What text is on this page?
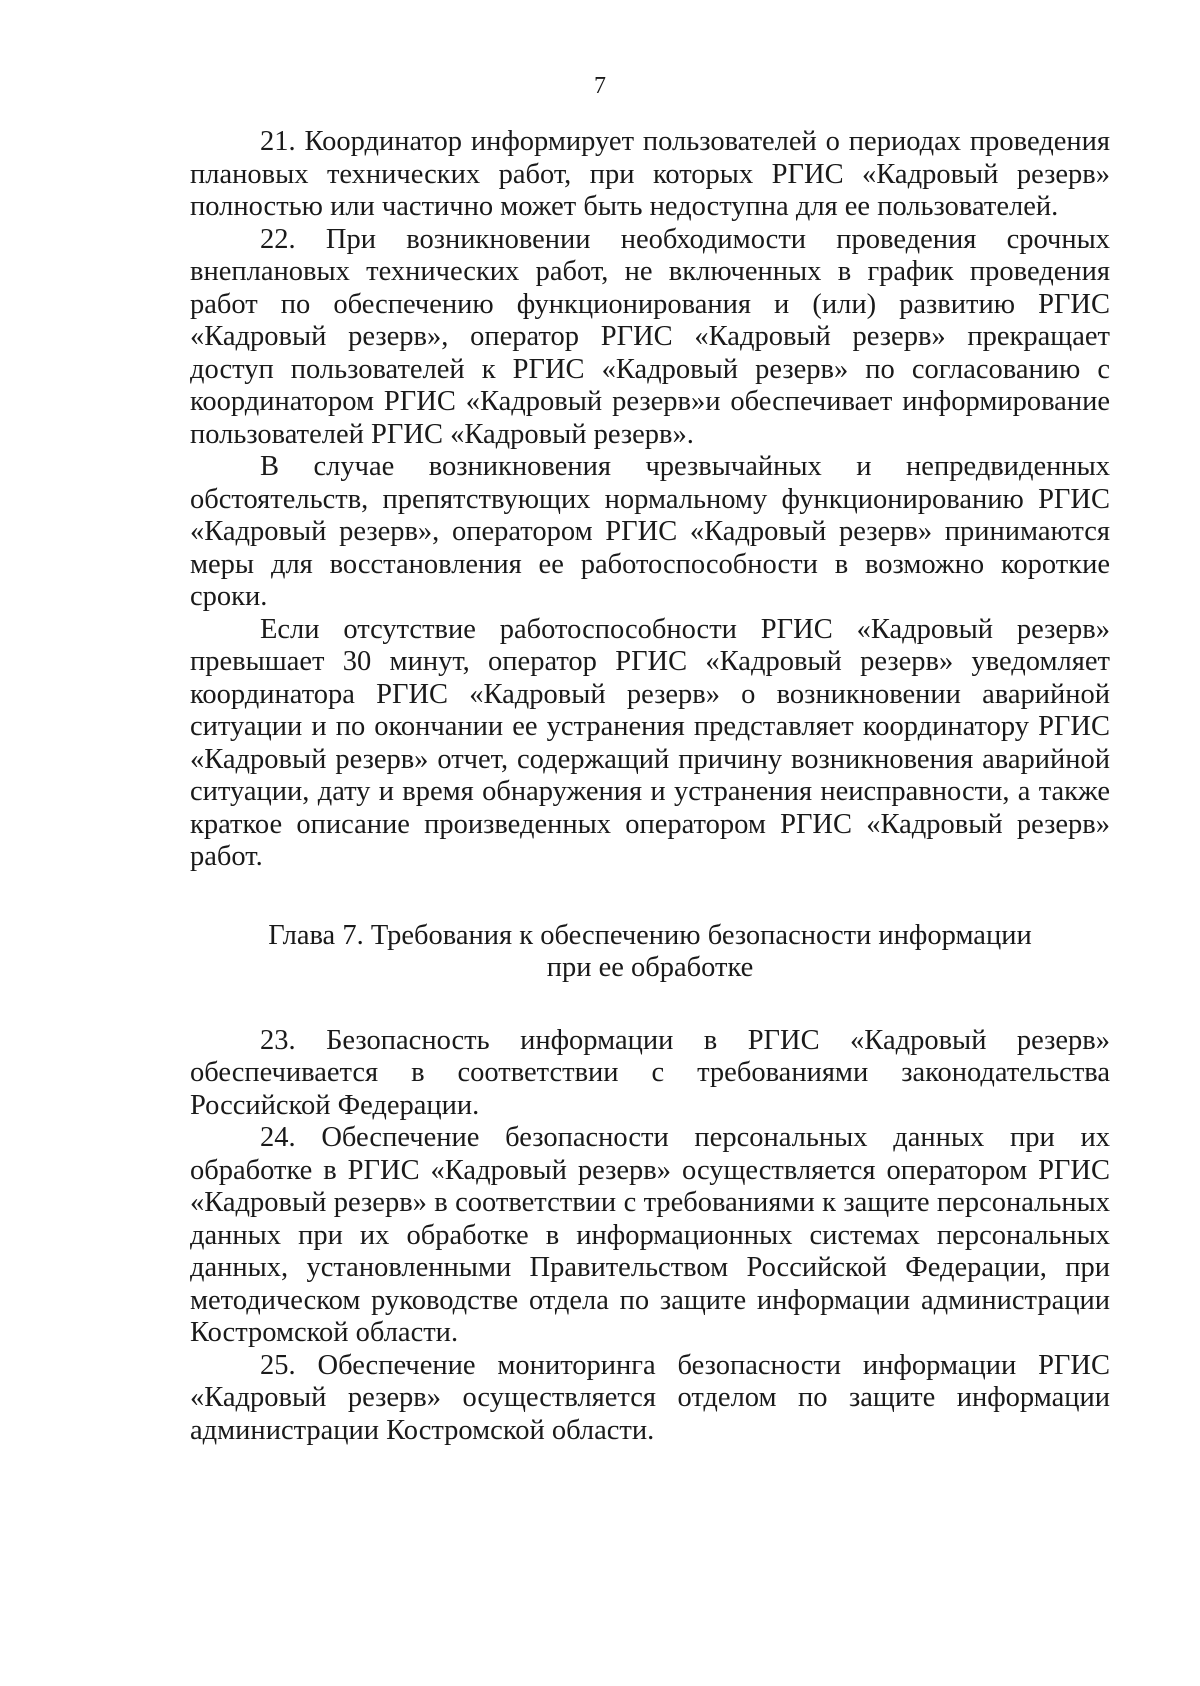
7

21. Координатор информирует пользователей о периодах проведения плановых технических работ, при которых РГИС «Кадровый резерв» полностью или частично может быть недоступна для ее пользователей.

22. При возникновении необходимости проведения срочных внеплановых технических работ, не включенных в график проведения работ по обеспечению функционирования и (или) развитию РГИС «Кадровый резерв», оператор РГИС «Кадровый резерв» прекращает доступ пользователей к РГИС «Кадровый резерв» по согласованию с координатором РГИС «Кадровый резерв»и обеспечивает информирование пользователей РГИС «Кадровый резерв».

В случае возникновения чрезвычайных и непредвиденных обстоятельств, препятствующих нормальному функционированию РГИС «Кадровый резерв», оператором РГИС «Кадровый резерв» принимаются меры для восстановления ее работоспособности в возможно короткие сроки.

Если отсутствие работоспособности РГИС «Кадровый резерв» превышает 30 минут, оператор РГИС «Кадровый резерв» уведомляет координатора РГИС «Кадровый резерв» о возникновении аварийной ситуации и по окончании ее устранения представляет координатору РГИС «Кадровый резерв» отчет, содержащий причину возникновения аварийной ситуации, дату и время обнаружения и устранения неисправности, а также краткое описание произведенных оператором РГИС «Кадровый резерв» работ.

Глава 7. Требования к обеспечению безопасности информации
при ее обработке

23. Безопасность информации в РГИС «Кадровый резерв» обеспечивается в соответствии с требованиями законодательства Российской Федерации.

24. Обеспечение безопасности персональных данных при их обработке в РГИС «Кадровый резерв» осуществляется оператором РГИС «Кадровый резерв» в соответствии с требованиями к защите персональных данных при их обработке в информационных системах персональных данных, установленными Правительством Российской Федерации, при методическом руководстве отдела по защите информации администрации Костромской области.

25. Обеспечение мониторинга безопасности информации РГИС «Кадровый резерв» осуществляется отделом по защите информации администрации Костромской области.
